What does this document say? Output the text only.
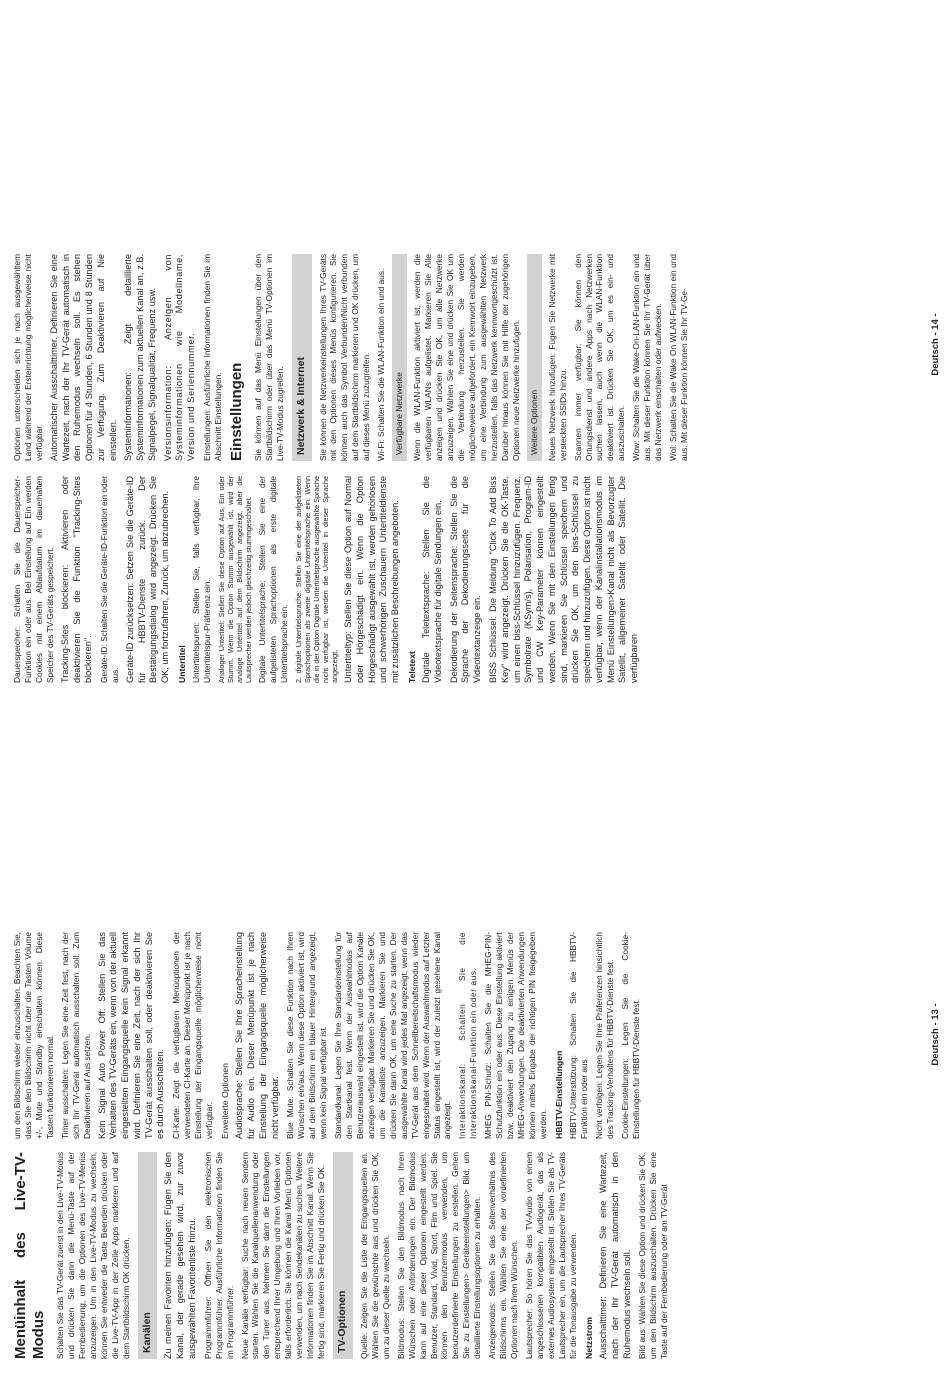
Menüinhalt des Live-TV-Modus Schalten Sie das TV-Gerät zuerst in den Live-TV-Modus und drücken Sie dann die Menü-Taste auf der Fernbedienung, um die Optionen des Live-TV-Menüs anzuzeigen. Um in den Live-TV-Modus zu wechseln, können Sie entweder die Taste Beenden drücken oder die Live-TV-App in der Zeile Apps markieren und auf dem Startbildschirm OK drücken. Kanälen	Zu meinen Favoriten hinzufügen: Fügen Sie den Kanal, der gerade gesehen wird, zur zuvor ausgewählten Favoritenliste hinzu. Programmführer: Öffnen Sie den elektronischen Programmführer. Ausführliche Informationen finden Sie im Programmführer. Neue Kanäle verfügbar: Suche nach neuen Sendern starten. Wählen Sie die Kanalquellenanwendung oder den Tuner aus. Nehmen Sie dann die Einstellungen entsprechend Ihrer Umgebung und Ihren Vorlieben vor, falls erforderlich. Sie können die Kanal Menü Optionen verwenden, um nach Sendekanälen zu suchen. Weitere Informationen finden Sie im Abschnitt Kanal. Wenn Sie fertig sind, markieren Sie Fertig und drücken Sie OK. TV-Optionen	Quelle: Zeigen Sie die Liste der Eingangsquellen an. Wählen Sie die gewünschte aus und drücken Sie OK, um zu dieser Quelle zu wechseln. Bildmodus: Stellen Sie den Bildmodus nach Ihren Wünschen oder Anforderungen ein. Der Bildmodus kann auf eine dieser Optionen eingestellt werden: Benutzer, Standard, Vivid, Sport, Film und Spiel. Sie können den Benutzermodus verwenden, um benutzerdefinierte Einstellungen zu erstellen. Gehen Sie zu Einstellungen> Geräteeinstellungen> Bild, um detaillierte Einstellungsoptionen zu erhalten. Anzeigemodus: Stellen Sie das Seitenverhältnis des Bildschirms ein. Wählen Sie eine der vordefinierten Optionen nach Ihren Wünschen. Lautsprecher: So hören Sie das TV-Audio von einem angeschlossenen kompatiblen Audiogerät, das als externes Audiosystem eingestellt ist. Stellen Sie als TV-Lautsprecher ein, um die Lautsprecher Ihres TV-Geräts für die Tonausgabe zu verwenden. Netzstrom Ausschalttimer: Definieren Sie eine Wartezeit, nach der Ihr TV-Gerät automatisch in den Ruhemodus wechseln soll. Bild aus: Wählen Sie diese Option und drücken Sie OK, um den Bildschirm auszuschalten. Drücken Sie eine Taste auf der Fernbedienung oder am TV-Gerät

um den Bildschirm wieder einzuschalten. Beachten Sie, dass Sie den Bildschirm nicht über die Tasten Volume +/-, Mute und Standby einschalten können. Diese Tasten funktionieren normal. Timer ausschalten: Legen Sie eine Zeit fest, nach der sich Ihr TV-Gerät automatisch ausschalten soll. Zum Deaktivieren auf Aus setzen. Kein Signal Auto Power Off: Stellen Sie das Verhalten des TV-Geräts ein, wenn von der aktuell eingestellten Eingangsquelle kein Signal erkannt wird. Definieren Sie eine Zeit, nach der sich Ihr TV-Gerät ausschalten soll, oder deaktivieren Sie es durch Ausschalten. CI-Karte: Zeigt die verfügbaren Menüoptionen der verwendeten CI-Karte an. Dieser Menüpunkt ist je nach Einstellung der Eingangsquelle möglicherweise nicht verfügbar. Erweiterte Optionen Audiosprache: Stellen Sie Ihre Spracheinstellung für Audio ein. Dieser Menüpunkt ist je nach Einstellung der Eingangsquelle möglicherweise nicht verfügbar. Blue Mute: Schalten Sie diese Funktion nach Ihren Wünschen ein/aus. Wenn diese Option aktiviert ist, wird auf dem Bildschirm ein blauer Hintergrund angezeigt, wenn kein Signal verfügbar ist. Standardkanal: Legen Sie Ihre Standardeinstellung für den Startkanal fest. Wenn der Auswahlmodus auf Benutzerauswahl eingestellt ist, wird die Option Kanäle anzeigen verfügbar. Markieren Sie und drücken Sie OK, um die Kanalliste anzuzeigen. Markieren Sie und drücken Sie dann OK, um eine Suche zu starten. Der ausgewählte Kanal wird jedes Mal angezeigt, wenn das TV-Gerät aus dem Schnellbereitschaftsmodus wieder eingeschaltet wird. Wenn der Auswahlmodus auf Letzter Status eingestellt ist, wird der zuletzt gesehene Kanal angezeigt. Interaktionskanal: Schalten Sie die Interaktionskanal-Funktion ein oder aus. MHEG PIN-Schutz: Schalten Sie die MHEG-PIN-Schutzfunktion ein oder aus. Diese Einstellung aktiviert bzw. deaktiviert den Zugang zu einigen Menüs der MHEG-Anwendungen. Die deaktivierten Anwendungen können mittels Eingabe der richtigen PIN freigegeben werden. HBBTV-Einstellungen HBBTV-Unterstützung: Schalten Sie die HBBTV-Funktion ein oder aus. Nicht verfolgen: Legen Sie Ihre Präferenzen hinsichtlich des Tracking-Verhaltens für HBBTV-Dienste fest. Cookie-Einstellungen: Legen Sie die Cookie-Einstellungen für HBBTV-Dienste fest.	Deutsch - 13 -

Dauerspeicher: Schalten Sie die Dauerspeicher-Funktion ein oder aus. Bei Einstellung auf Ein werden Cookies mit einem Ablaufdatum im dauerhaften Speicher des TV-Geräts gespeichert. Tracking-Sites blockieren: Aktivieren oder deaktivieren Sie die Funktion "Tracking-Sites blockieren". Geräte-ID: Schalten Sie die Geräte-ID-Funktion ein oder aus. Geräte-ID zurücksetzen: Setzen Sie die Geräte-ID für HBBTV-Dienste zurück. Der Bestätigungsdialog wird angezeigt. Drücken Sie OK, um fortzufahren, Zurück, um abzubrechen. Untertitel Untertitelspuren: Stellen Sie, falls verfügbar, Ihre Untertitelspur-Präferenz ein. Analoger Untertitel: Stellen Sie diese Option auf Aus, Ein oder Stumm. Wenn die Option Stumm ausgewählt ist, wird der analoge Untertitel auf dem Bildschirm angezeigt, aber die Lautsprecher werden jedoch gleichzeitig stummgeschaltet. Digitale Untertitelsprache: Stellen Sie eine der aufgelisteten Sprachoptionen als erste digitale Untertitelsprache ein. 2. digitale Untertitelsprache: Stellen Sie eine der aufgelisteten Sprachoptionen als zweite digitale Untertitelsprache ein. Wenn die in der Option Digitale Untertitelsprache ausgewählte Sprache nicht verfügbar ist, werden die Untertitel in dieser Sprache angezeigt. Untertiteltyp: Stellen Sie diese Option auf Normal oder Hörgeschädigt ein. Wenn die Option Hörgeschädigt ausgewählt ist, werden gehörlosen und schwerhörigen Zuschauern Untertiteldienste mit zusätzlichen Beschreibungen angeboten. Teletext Digitale Teletextsprache: Stellen Sie die Videotextsprache für digitale Sendungen ein. Dekodierung der Seitensprache: Stellen Sie die Sprache der Dekodierungsseite für die Videotextanzeige ein. BISS Schlüssel: Die Meldung "Click To Add Biss Key" wird angezeigt. Drücken Sie die OK-Taste, um einen biss-Schlüssel hinzuzufügen. Frequenz, Symbolrate (KSym/s), Polarisation, Program-ID und CW Key-Parameter können eingestellt werden. Wenn Sie mit den Einstellungen fertig sind, markieren Sie Schlüssel speichern und drücken Sie OK, um den biss-Schlüssel zu speichern und hinzuzufügen. Diese Option ist nicht verfügbar, wenn der Kanalinstallationsmodus im Menü Einstellungen>Kanal nicht als Bevorzugter Satellit, allgemeiner Satellit oder Satellit. Die verfügbaren

Optionen unterscheiden sich je nach ausgewähltem Land während der Ersteinrichtung möglicherweise nicht verfügbar. Automatischer Ausschalttimer. Definieren Sie eine Wartezeit, nach der Ihr TV-Gerät automatisch in den Ruhemodus wechseln soll. Es stehen Optionen für 4 Stunden, 6 Stunden und 8 Stunden zur Verfügung. Zum Deaktivieren auf Nie einstellen. Systeminformationen: Zeigt detaillierte Systeminformationen zum aktuellen Kanal an, z.B. Signalpegel, Signalqualität, Frequenz usw. Versionsinformation: Anzeigen von Systeminformationen wie Modellname, Version und Seriennummer. Einstellungen: Ausführliche Informationen finden Sie im Abschnitt Einstellungen. Einstellungen Sie können auf das Menü Einstellungen über den Startbildschirm oder über das Menü TV-Optionen im Live-TV-Modus zugreifen. Netzwerk & Internet	Sie können die Netzwerkeinstellungen Ihres TV-Geräts mit den Optionen dieses Menüs konfigurieren. Sie können auch das Symbol Verbunden/Nicht verbunden auf dem Startbildschirm markieren und OK drücken, um auf dieses Menü zuzugreifen. Wi-Fi: Schalten Sie die WLAN-Funktion ein und aus. Verfügbare Netzwerke Wenn die WLAN-Funktion aktiviert ist, werden die verfügbaren WLANs aufgelistet. Markieren Sie Alle anzeigen und drücken Sie OK, um alle Netzwerke anzuzeigen. Wählen Sie eine und drücken Sie OK um die Verbindung herzustellen. Sie werden möglicherweise aufgefordert, ein Kennwort einzugeben, um eine Verbindung zum ausgewählten Netzwerk herzustellen, falls das Netzwerk kennwortgeschützt ist. Darüber hinaus können Sie mit Hilfe der zugehörigen Optionen neue Netzwerke hinzufügen. Weitere Optionen Neues Netzwerk hinzufügen: Fügen Sie Netzwerke mit versteckten SSIDs hinzu. Scannen immer verfügbar: Sie können den Ortungsdienst und andere Apps nach Netzwerken suchen lassen, auch wenn die WLAN-Funktion deaktiviert ist. Drücken Sie OK, um es ein- und auszuschalten. Wow: Schalten Sie die Wake-On-LAN-Funktion ein und aus. Mit dieser Funktion können Sie Ihr TV-Gerät über das Netzwerk einschalten oder aufwecken. Wol: Schalten Sie die Wake On WLAN-Funktion ein und aus. Mit dieser Funktion können Sie Ihr TV-Ge-	Deutsch - 14 -
